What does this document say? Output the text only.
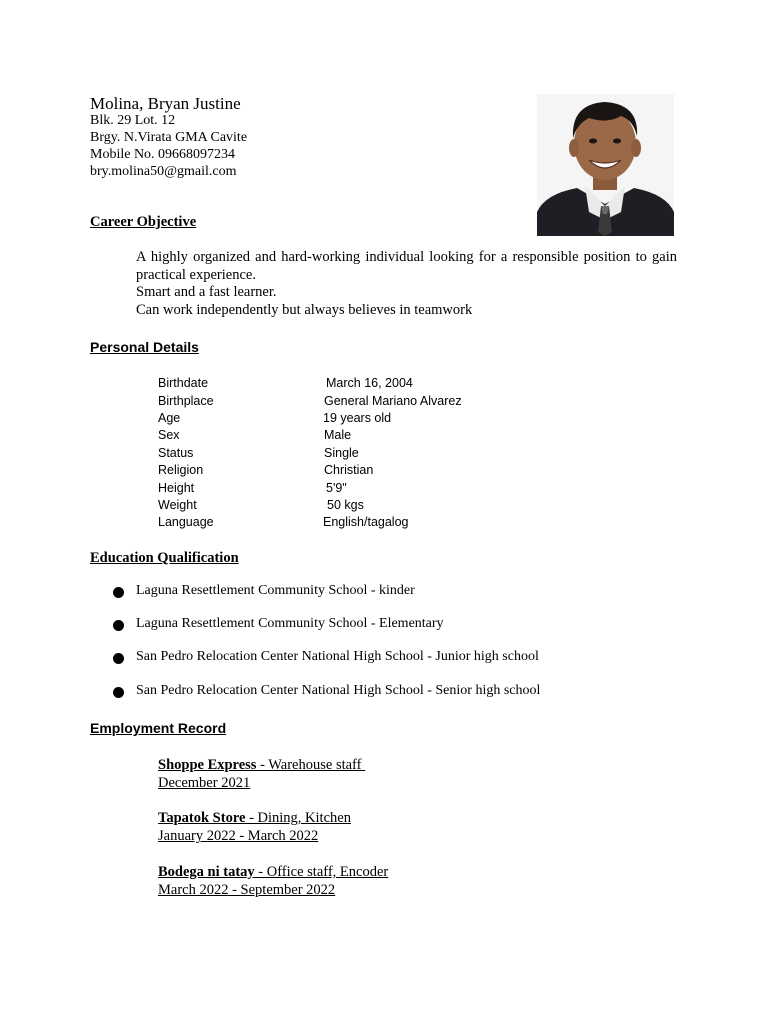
Molina, Bryan Justine
Blk. 29 Lot. 12
Brgy. N.Virata GMA Cavite
Mobile No. 09668097234
bry.molina50@gmail.com
Career Objective

A highly organized and hard-working individual looking for a responsible position to gain practical experience.

Smart and a fast learner.

Can work independently but always believes in teamwork

Personal Details
Birthdate	March 16, 2004
Birthplace	General Mariano Alvarez
Age	19 years old
Sex	Male
Status	Single
Religion	Christian
Height	5'9"
Weight	50 kgs
Language	English/tagalog
Education Qualification
Laguna Resettlement Community School - kinder
Laguna Resettlement Community School - Elementary
San Pedro Relocation Center National High School - Junior high school
San Pedro Relocation Center National High School - Senior high school
Employment Record
Shoppe Express - Warehouse staff
December 2021
Tapatok Store - Dining, Kitchen
January 2022 - March 2022
Bodega ni tatay - Office staff, Encoder
March 2022 - September 2022
